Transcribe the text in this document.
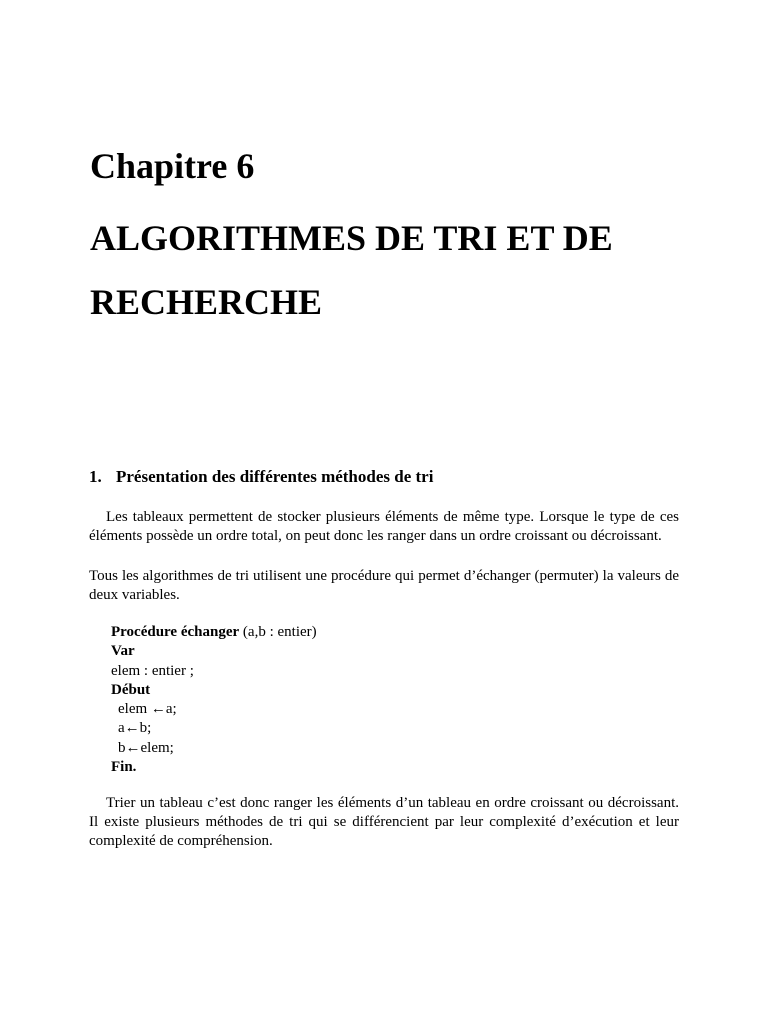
Chapitre 6
ALGORITHMES DE TRI ET DE RECHERCHE
1. Présentation des différentes méthodes de tri
Les tableaux permettent de stocker plusieurs éléments de même type. Lorsque le type de ces éléments possède un ordre total, on peut donc les ranger dans un ordre croissant ou décroissant.
Tous les algorithmes de tri utilisent une procédure qui permet d’échanger (permuter) la valeurs de deux variables.
Procédure échanger (a,b : entier)
Var
elem : entier ;
Début
elem ←a;
a←b;
b←elem;
Fin.
Trier un tableau c’est donc ranger les éléments d’un tableau en ordre croissant ou décroissant. Il existe plusieurs méthodes de tri qui se différencient par leur complexité d’exécution et leur complexité de compréhension.
